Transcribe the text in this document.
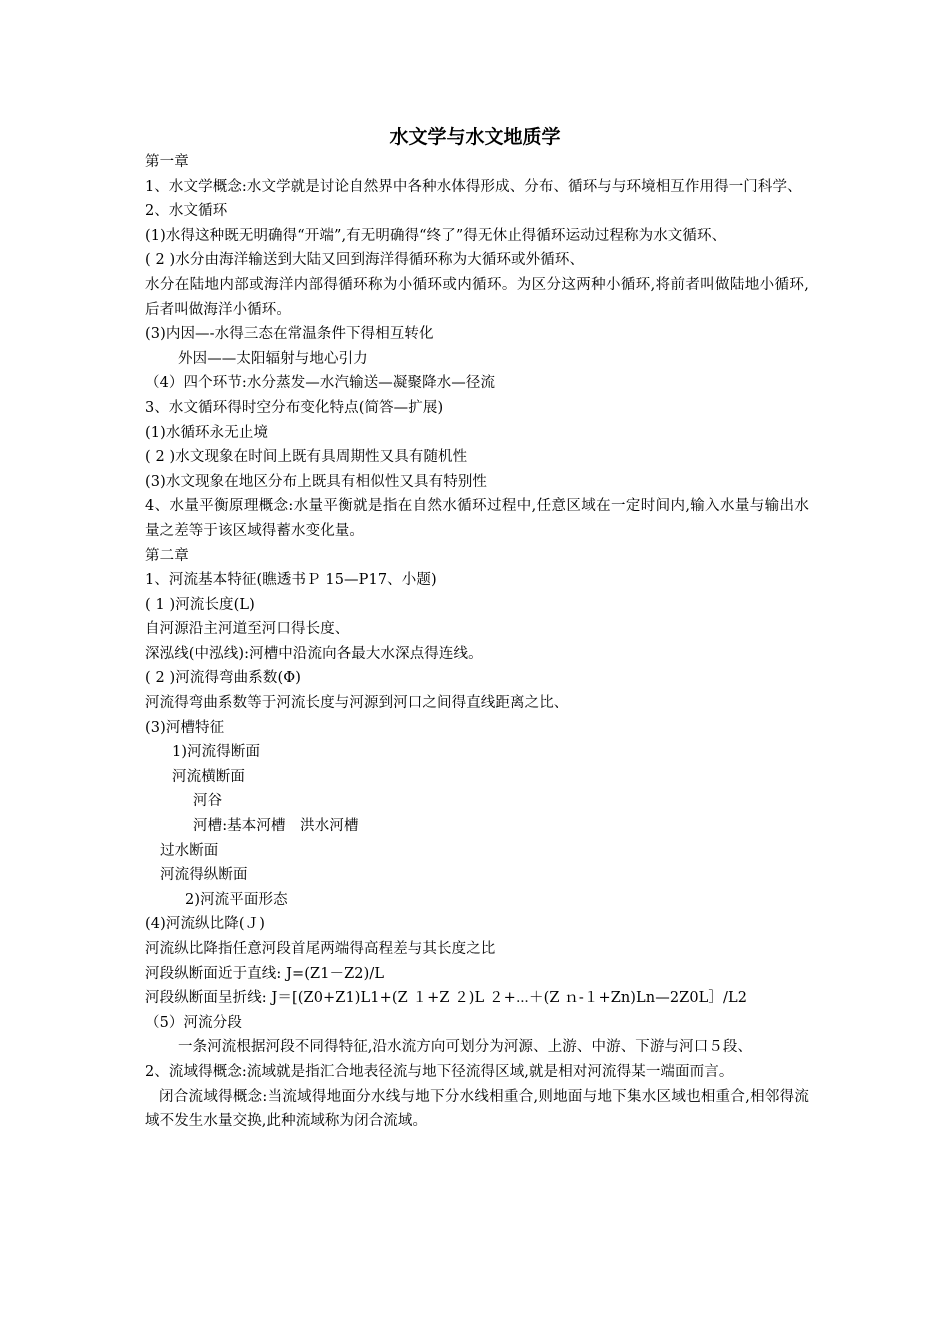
水文学与水文地质学
第一章
1、水文学概念:水文学就是讨论自然界中各种水体得形成、分布、循环与与环境相互作用得一门科学、
2、水文循环
(1)水得这种既无明确得“开端”,有无明确得“终了”得无休止得循环运动过程称为水文循环、
( 2 )水分由海洋输送到大陆又回到海洋得循环称为大循环或外循环、
水分在陆地内部或海洋内部得循环称为小循环或内循环。为区分这两种小循环,将前者叫做陆地小循环,后者叫做海洋小循环。
(3)内因—-水得三态在常温条件下得相互转化
外因——太阳辐射与地心引力
（4）四个环节:水分蒸发—水汽输送—凝聚降水—径流
3、水文循环得时空分布变化特点(简答—扩展)
(1)水循环永无止境
( 2 )水文现象在时间上既有具周期性又具有随机性
(3)水文现象在地区分布上既具有相似性又具有特别性
4、水量平衡原理概念:水量平衡就是指在自然水循环过程中,任意区域在一定时间内,输入水量与输出水量之差等于该区域得蓄水变化量。
第二章
1、河流基本特征(瞧透书Ｐ 15—P17、小题)
( 1 )河流长度(L)
自河源沿主河道至河口得长度、
深泓线(中泓线):河槽中沿流向各最大水深点得连线。
( 2 )河流得弯曲系数(Φ)
河流得弯曲系数等于河流长度与河源到河口之间得直线距离之比、
(3)河槽特征
1)河流得断面
河流横断面
河谷
河槽:基本河槽　洪水河槽
过水断面
河流得纵断面
2)河流平面形态
(4)河流纵比降(Ｊ)
河流纵比降指任意河段首尾两端得高程差与其长度之比
河段纵断面近于直线: J=(Z1－Z2)/L
河段纵断面呈折线: J＝[(Z0+Z1)L1+(Z １+Z ２)L ２+⋯＋(Z ｎ-１+Zn)Ln—2Z0L］/L2
（5）河流分段
一条河流根据河段不同得特征,沿水流方向可划分为河源、上游、中游、下游与河口５段、
2、流域得概念:流域就是指汇合地表径流与地下径流得区域,就是相对河流得某一端面而言。
闭合流域得概念:当流域得地面分水线与地下分水线相重合,则地面与地下集水区域也相重合,相邻得流域不发生水量交换,此种流域称为闭合流域。
